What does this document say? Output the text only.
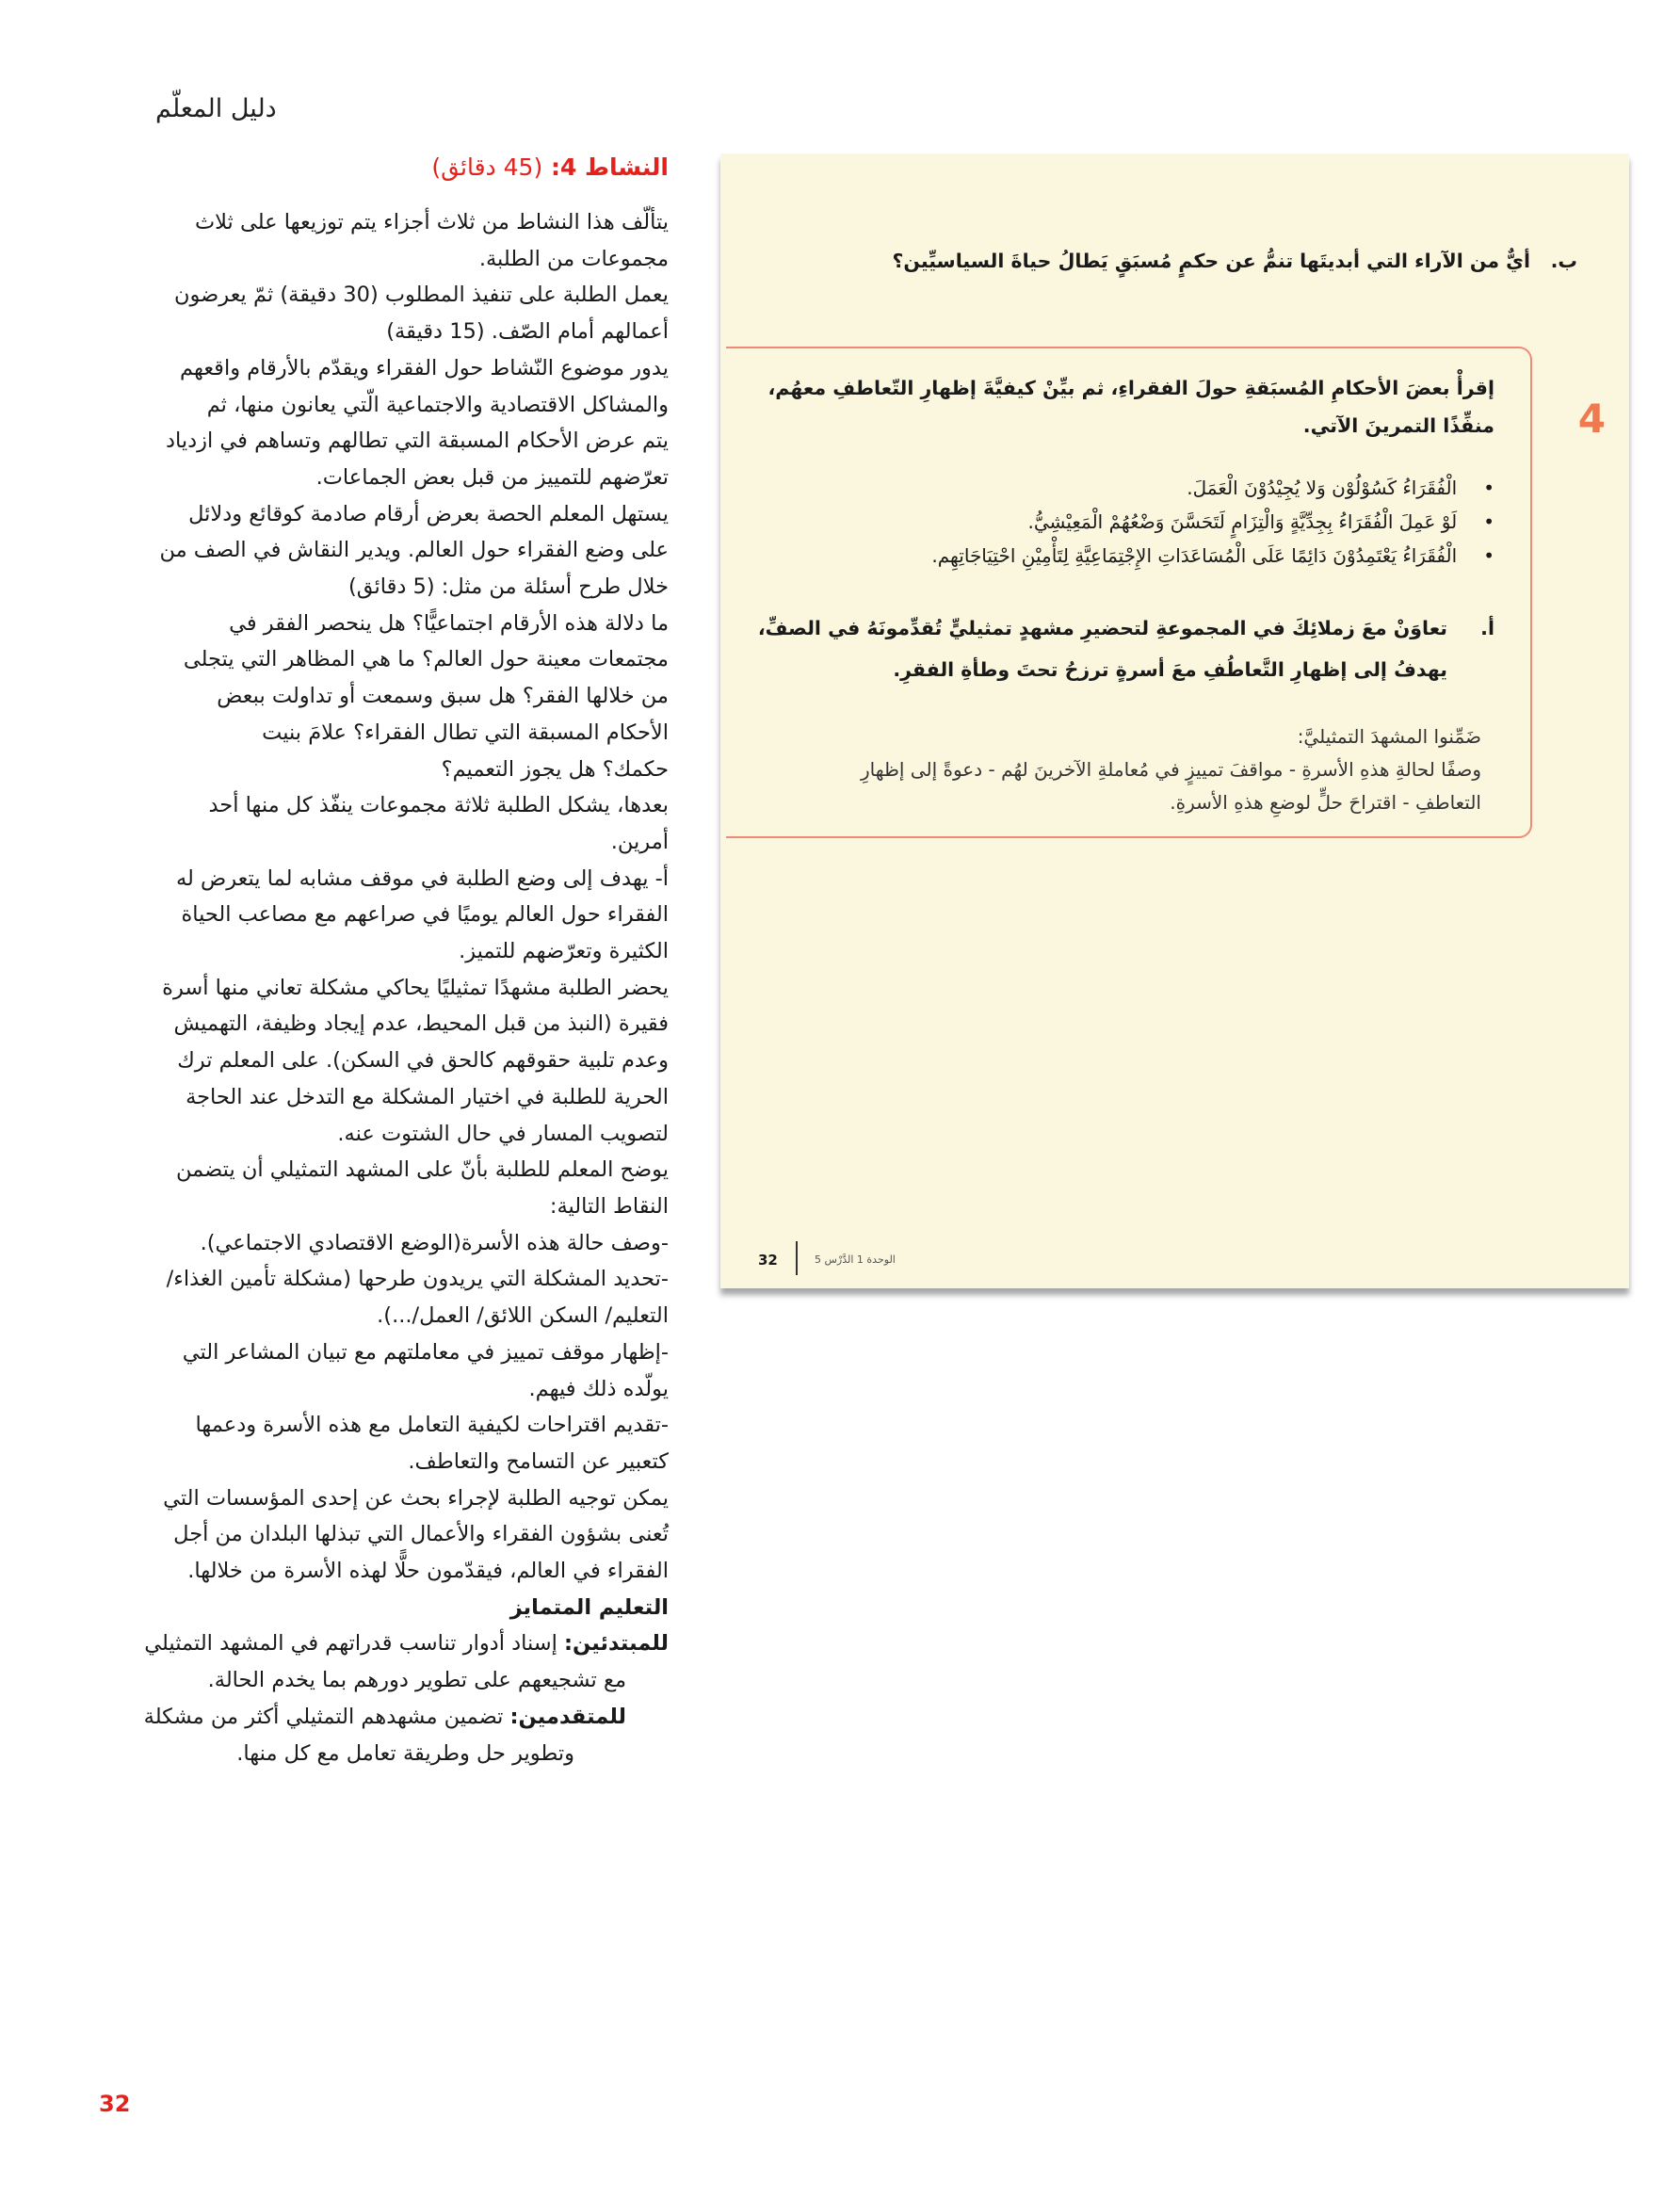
دليل المعلّم

النشاط 4: (45 دقائق)

يتألّف هذا النشاط من ثلاث أجزاء يتم توزيعها على ثلاث

مجموعات من الطلبة.

يعمل الطلبة على تنفيذ المطلوب (30 دقيقة) ثمّ يعرضون

أعمالهم أمام الصّف. (15 دقيقة)

يدور موضوع النّشاط حول الفقراء ويقدّم بالأرقام واقعهم

والمشاكل الاقتصادية والاجتماعية الّتي يعانون منها، ثم

يتم عرض الأحكام المسبقة التي تطالهم وتساهم في ازدياد

تعرّضهم للتمييز من قبل بعض الجماعات.

يستهل المعلم الحصة بعرض أرقام صادمة كوقائع ودلائل

على وضع الفقراء حول العالم. ويدير النقاش في الصف من

خلال طرح أسئلة من مثل: (5 دقائق)

ما دلالة هذه الأرقام اجتماعيًّا؟ هل ينحصر الفقر في

مجتمعات معينة حول العالم؟ ما هي المظاهر التي يتجلى

من خلالها الفقر؟ هل سبق وسمعت أو تداولت ببعض

الأحكام المسبقة التي تطال الفقراء؟ علامَ بنيت

حكمك؟ هل يجوز التعميم؟

بعدها، يشكل الطلبة ثلاثة مجموعات ينفّذ كل منها أحد

أمرين.

أ- يهدف إلى وضع الطلبة في موقف مشابه لما يتعرض له

الفقراء حول العالم يوميًا في صراعهم مع مصاعب الحياة

الكثيرة وتعرّضهم للتميز.

يحضر الطلبة مشهدًا تمثيليًا يحاكي مشكلة تعاني منها أسرة

فقيرة (النبذ من قبل المحيط، عدم إيجاد وظيفة، التهميش

وعدم تلبية حقوقهم كالحق في السكن). على المعلم ترك

الحرية للطلبة في اختيار المشكلة مع التدخل عند الحاجة

لتصويب المسار في حال الشتوت عنه.

يوضح المعلم للطلبة بأنّ على المشهد التمثيلي أن يتضمن

النقاط التالية:

-وصف حالة هذه الأسرة(الوضع الاقتصادي الاجتماعي).

-تحديد المشكلة التي يريدون طرحها (مشكلة تأمين الغذاء/

التعليم/ السكن اللائق/ العمل/...).

-إظهار موقف تمييز في معاملتهم مع تبيان المشاعر التي

يولّده ذلك فيهم.

-تقديم اقتراحات لكيفية التعامل مع هذه الأسرة ودعمها

كتعبير عن التسامح والتعاطف.

يمكن توجيه الطلبة لإجراء بحث عن إحدى المؤسسات التي

تُعنى بشؤون الفقراء والأعمال التي تبذلها البلدان من أجل

الفقراء في العالم، فيقدّمون حلًّا لهذه الأسرة من خلالها.

التعليم المتمايز

للمبتدئين: إسناد أدوار تناسب قدراتهم في المشهد التمثيلي

مع تشجيعهم على تطوير دورهم بما يخدم الحالة.

للمتقدمين: تضمين مشهدهم التمثيلي أكثر من مشكلة

وتطوير حل وطريقة تعامل مع كل منها.

ب.أيٌّ من الآراء التي أبديتَها تنمُّ عن حكمٍ مُسبَقٍ يَطالُ حياةَ السياسيِّين؟
4
إقرأْ بعضَ الأحكامِ المُسبَقةِ حولَ الفقراءِ، ثم بيِّنْ كيفيَّةَ إظهارِ التّعاطفِ معهُم،
منفِّذًا التمرينَ الآتي.
• الْفُقَرَاءُ كَسُوْلُوْن وَلا يُجِيْدُوْنَ الْعَمَلَ.
• لَوْ عَمِلَ الْفُقَرَاءُ بِجِدِّيَّةٍ وَالْتِزَامٍ لَتَحَسَّنَ وَضْعُهُمْ الْمَعِيْشِيُّ.
• الْفُقَرَاءُ يَعْتَمِدُوْنَ دَائِمًا عَلَى الْمُسَاعَدَاتِ الإِجْتِمَاعِيَّةِ لِتَأْمِيْنِ احْتِيَاجَاتِهِم.
أ.تعاوَنْ معَ زملائِكَ في المجموعةِ لتحضيرِ مشهدٍ تمثيليٍّ تُقدِّمونَهُ في الصفِّ،
يهدفُ إلى إظهارِ التَّعاطُفِ معَ أسرةٍ ترزحُ تحتَ وطأةِ الفقرِ.

ضَمِّنوا المشهدَ التمثيليَّ:

وصفًا لحالةِ هذهِ الأسرةِ - مواقفَ تمييزٍ في مُعاملةِ الآخرينَ لهُم - دعوةً إلى إظهارِ

التعاطفِ - اقتراحَ حلٍّ لوضعِ هذهِ الأسرةِ.

32	الوحدة 1 الدَّرْس 5
32
